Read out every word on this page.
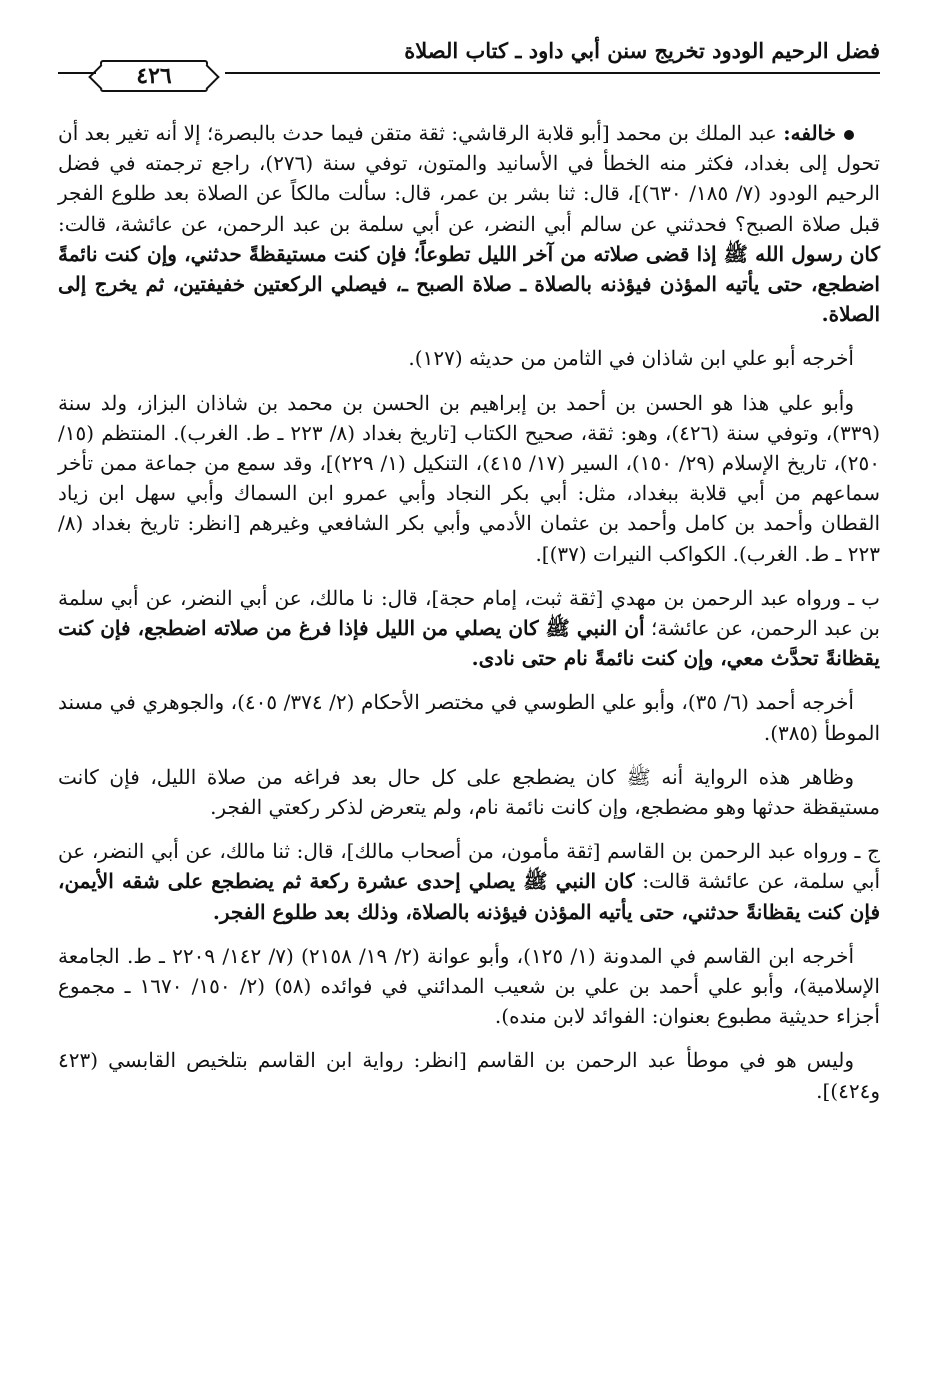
فضل الرحيم الودود تخريج سنن أبي داود ـ كتاب الصلاة
٤٢٦

خالفه: عبد الملك بن محمد [أبو قلابة الرقاشي: ثقة متقن فيما حدث بالبصرة؛ إلا أنه تغير بعد أن تحول إلى بغداد، فكثر منه الخطأ في الأسانيد والمتون، توفي سنة (٢٧٦)، راجع ترجمته في فضل الرحيم الودود (٧/ ١٨٥/ ٦٣٠)]، قال: ثنا بشر بن عمر، قال: سألت مالكاً عن الصلاة بعد طلوع الفجر قبل صلاة الصبح؟ فحدثني عن سالم أبي النضر، عن أبي سلمة بن عبد الرحمن، عن عائشة، قالت: كان رسول الله ﷺ إذا قضى صلاته من آخر الليل تطوعاً؛ فإن كنت مستيقظةً حدثني، وإن كنت نائمةً اضطجع، حتى يأتيه المؤذن فيؤذنه بالصلاة ـ صلاة الصبح ـ، فيصلي الركعتين خفيفتين، ثم يخرج إلى الصلاة.

أخرجه أبو علي ابن شاذان في الثامن من حديثه (١٢٧).

وأبو علي هذا هو الحسن بن أحمد بن إبراهيم بن الحسن بن محمد بن شاذان البزاز، ولد سنة (٣٣٩)، وتوفي سنة (٤٢٦)، وهو: ثقة، صحيح الكتاب [تاريخ بغداد (٨/ ٢٢٣ ـ ط. الغرب). المنتظم (١٥/ ٢٥٠)، تاريخ الإسلام (٢٩/ ١٥٠)، السير (١٧/ ٤١٥)، التنكيل (١/ ٢٢٩)]، وقد سمع من جماعة ممن تأخر سماعهم من أبي قلابة ببغداد، مثل: أبي بكر النجاد وأبي عمرو ابن السماك وأبي سهل ابن زياد القطان وأحمد بن كامل وأحمد بن عثمان الأدمي وأبي بكر الشافعي وغيرهم [انظر: تاريخ بغداد (٨/ ٢٢٣ ـ ط. الغرب). الكواكب النيرات (٣٧)].

ب ـ ورواه عبد الرحمن بن مهدي [ثقة ثبت، إمام حجة]، قال: نا مالك، عن أبي النضر، عن أبي سلمة بن عبد الرحمن، عن عائشة؛ أن النبي ﷺ كان يصلي من الليل فإذا فرغ من صلاته اضطجع، فإن كنت يقظانةً تحدَّث معي، وإن كنت نائمةً نام حتى نادى.

أخرجه أحمد (٦/ ٣٥)، وأبو علي الطوسي في مختصر الأحكام (٢/ ٣٧٤/ ٤٠٥)، والجوهري في مسند الموطأ (٣٨٥).

وظاهر هذه الرواية أنه ﷺ كان يضطجع على كل حال بعد فراغه من صلاة الليل، فإن كانت مستيقظة حدثها وهو مضطجع، وإن كانت نائمة نام، ولم يتعرض لذكر ركعتي الفجر.

ج ـ ورواه عبد الرحمن بن القاسم [ثقة مأمون، من أصحاب مالك]، قال: ثنا مالك، عن أبي النضر، عن أبي سلمة، عن عائشة قالت: كان النبي ﷺ يصلي إحدى عشرة ركعة ثم يضطجع على شقه الأيمن، فإن كنت يقظانةً حدثني، حتى يأتيه المؤذن فيؤذنه بالصلاة، وذلك بعد طلوع الفجر.

أخرجه ابن القاسم في المدونة (١/ ١٢٥)، وأبو عوانة (٢/ ١٩/ ٢١٥٨) (٧/ ١٤٢/ ٢٢٠٩ ـ ط. الجامعة الإسلامية)، وأبو علي أحمد بن علي بن شعيب المدائني في فوائده (٥٨) (٢/ ١٥٠/ ١٦٧٠ ـ مجموع أجزاء حديثية مطبوع بعنوان: الفوائد لابن منده).

وليس هو في موطأ عبد الرحمن بن القاسم [انظر: رواية ابن القاسم بتلخيص القابسي (٤٢٣ و٤٢٤)].
